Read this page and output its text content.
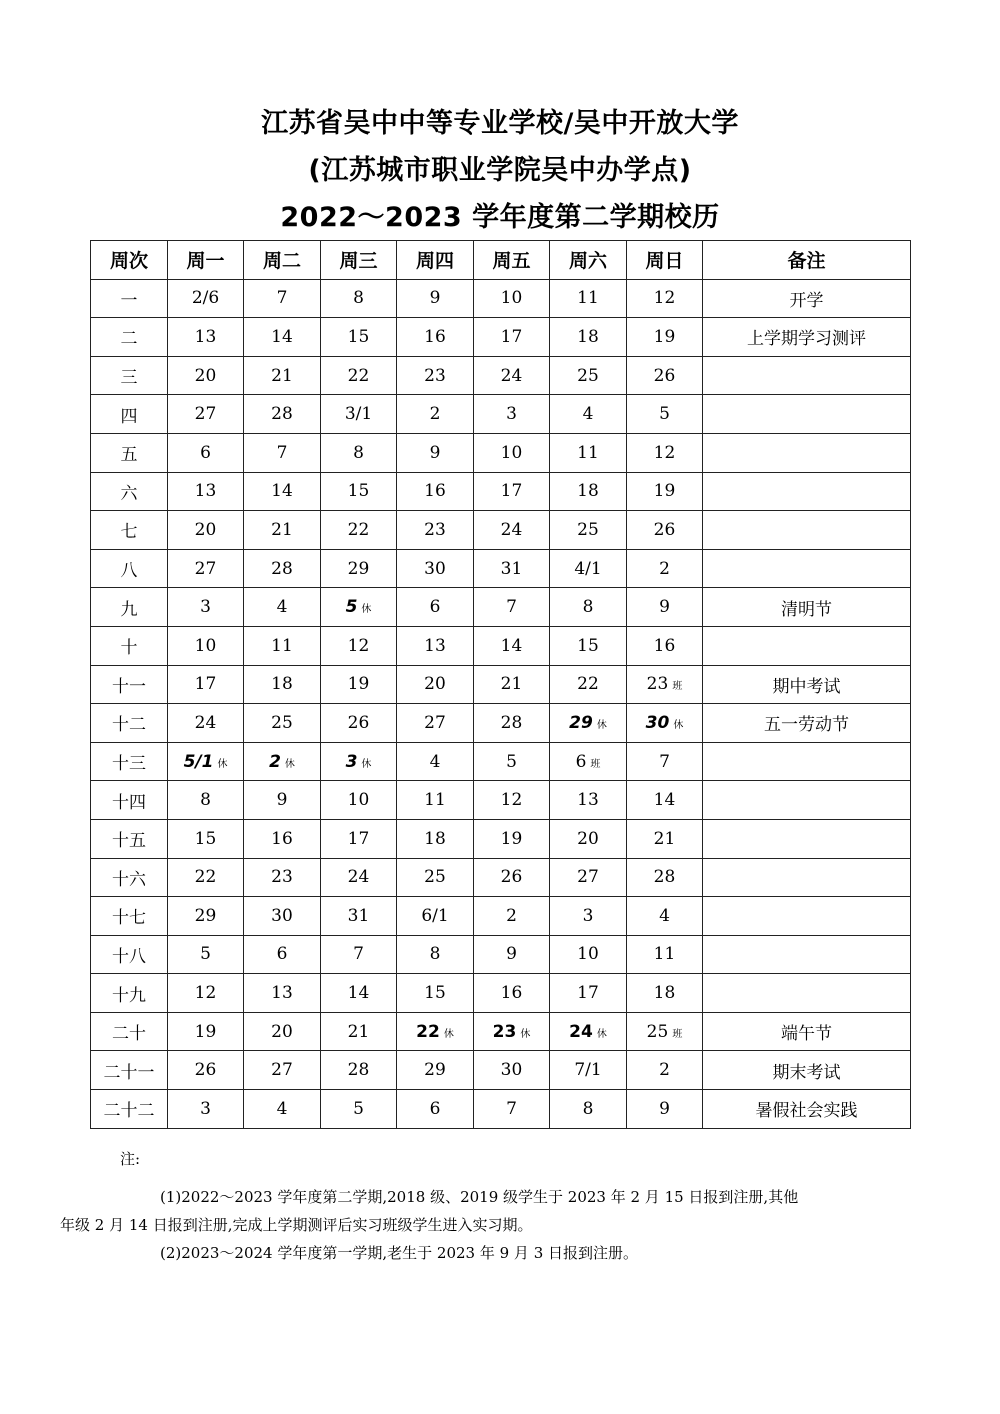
江苏省吴中中等专业学校/吴中开放大学
(江苏城市职业学院吴中办学点)
2022～2023 学年度第二学期校历
周次	周一	周二	周三	周四	周五	周六	周日	备注
一	2/6	7	8	9	10	11	12	开学
二	13	14	15	16	17	18	19	上学期学习测评
三	20	21	22	23	24	25	26	
四	27	28	3/1	2	3	4	5	
五	6	7	8	9	10	11	12	
六	13	14	15	16	17	18	19	
七	20	21	22	23	24	25	26	
八	27	28	29	30	31	4/1	2	
九	3	4	5 休	6	7	8	9	清明节
十	10	11	12	13	14	15	16	
十一	17	18	19	20	21	22	23 班	期中考试
十二	24	25	26	27	28	29 休	30 休	五一劳动节
十三	5/1 休	2 休	3 休	4	5	6 班	7	
十四	8	9	10	11	12	13	14	
十五	15	16	17	18	19	20	21	
十六	22	23	24	25	26	27	28	
十七	29	30	31	6/1	2	3	4	
十八	5	6	7	8	9	10	11	
十九	12	13	14	15	16	17	18	
二十	19	20	21	22 休	23 休	24 休	25 班	端午节
二十一	26	27	28	29	30	7/1	2	期末考试
二十二	3	4	5	6	7	8	9	暑假社会实践
注:

(1)2022～2023 学年度第二学期,2018 级、2019 级学生于 2023 年 2 月 15 日报到注册,其他

年级 2 月 14 日报到注册,完成上学期测评后实习班级学生进入实习期。

(2)2023～2024 学年度第一学期,老生于 2023 年 9 月 3 日报到注册。
